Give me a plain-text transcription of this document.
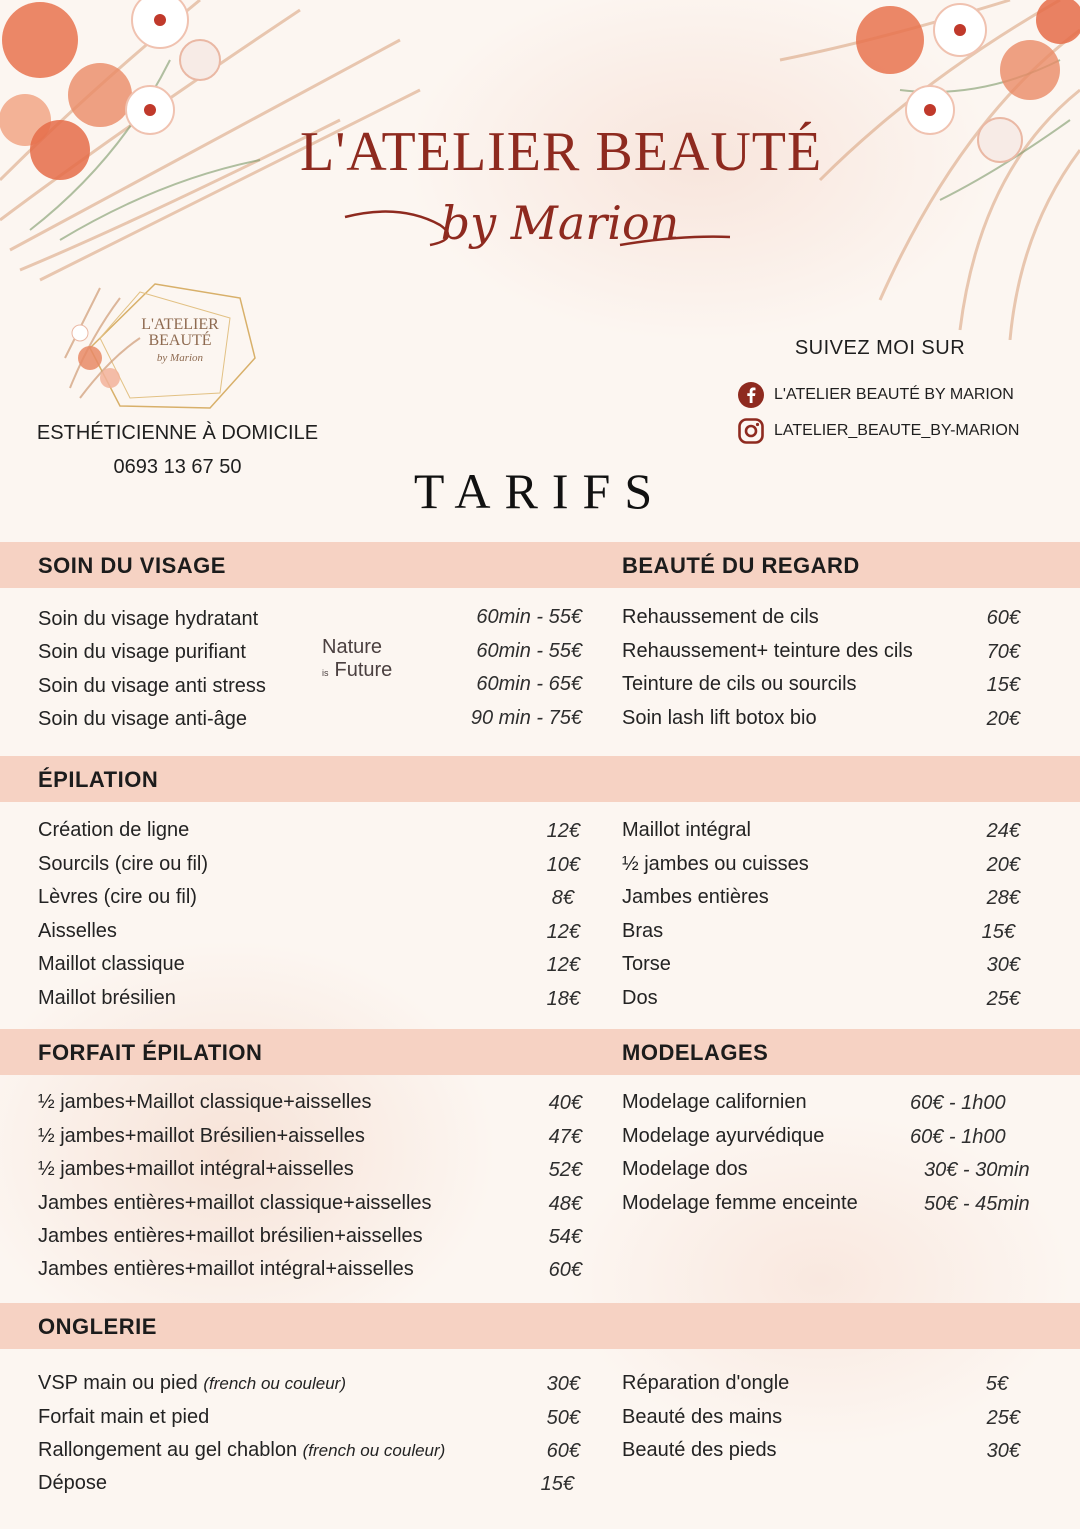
L'ATELIER BEAUTÉ
by Marion
L'ATELIER
BEAUTÉ
by Marion
ESTHÉTICIENNE À DOMICILE
0693 13 67 50
SUIVEZ MOI SUR
L'ATELIER BEAUTÉ BY MARION
LATELIER_BEAUTE_BY-MARION
TARIFS
SOIN DU VISAGE	BEAUTÉ DU REGARD
Soin du visage hydratant
Soin du visage purifiant
Soin du visage anti stress
Soin du visage anti-âge
60min - 55€
60min - 55€
60min - 65€
90 min - 75€
Nature
is Future
Rehaussement de cils
Rehaussement+ teinture des cils
Teinture de cils ou sourcils
Soin lash lift botox bio
60€
70€
15€
20€
ÉPILATION
Création de ligne
Sourcils (cire ou fil)
Lèvres (cire ou fil)
Aisselles
Maillot classique
Maillot brésilien
12€
10€
8€
12€
12€
18€
Maillot intégral
½ jambes ou cuisses
Jambes entières
Bras
Torse
Dos
24€
20€
28€
15€
30€
25€
FORFAIT ÉPILATION	MODELAGES
½ jambes+Maillot classique+aisselles
½ jambes+maillot Brésilien+aisselles
½ jambes+maillot intégral+aisselles
Jambes entières+maillot classique+aisselles
Jambes entières+maillot brésilien+aisselles
Jambes entières+maillot intégral+aisselles
40€
47€
52€
48€
54€
60€
Modelage californien
Modelage ayurvédique
Modelage dos
Modelage femme enceinte
60€ - 1h00
60€ - 1h00
30€ - 30min
50€ - 45min
ONGLERIE
VSP main ou pied (french ou couleur)
Forfait main et pied
Rallongement au gel chablon (french ou couleur)
Dépose
30€
50€
60€
15€
Réparation d'ongle
Beauté des mains
Beauté des pieds
5€
25€
30€
